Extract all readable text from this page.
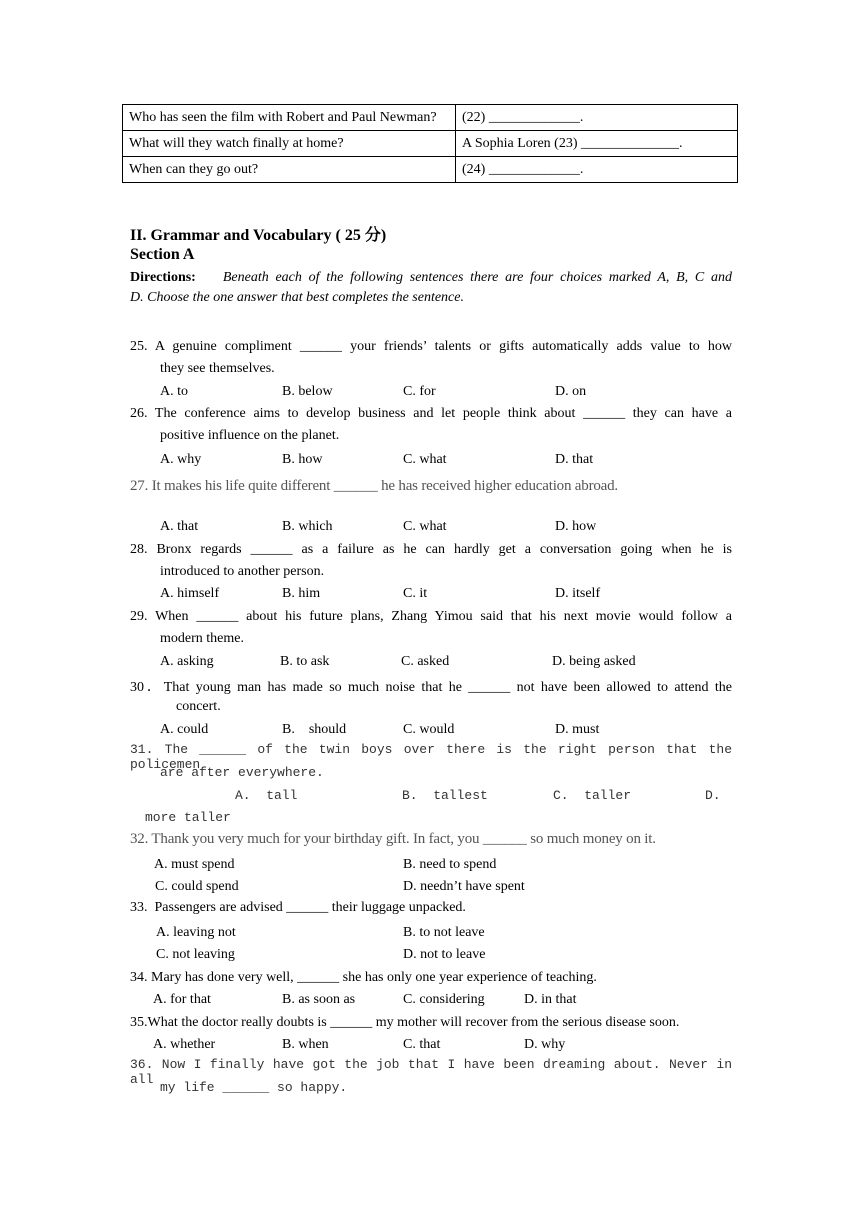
Who has seen the film with Robert and Paul Newman?	(22) _____________.
What will they watch finally at home?	A Sophia Loren (23) ______________.
When can they go out?	(24) _____________.
II. Grammar and Vocabulary ( 25 分)
Section A
Directions: Beneath each of the following sentences there are four choices marked A, B, C and
D. Choose the one answer that best completes the sentence.
25. A genuine compliment ______ your friends’ talents or gifts automatically adds value to how
they see themselves.
A. to	B. below	C. for	D. on
26. The conference aims to develop business and let people think about ______ they can have a
positive influence on the planet.
A. why	B. how	C. what	D. that
27. It makes his life quite different ______ he has received higher education abroad.
A. that	B. which	C. what	D. how
28. Bronx regards ______ as a failure as he can hardly get a conversation going when he is
introduced to another person.
A. himself	B. him	C. it	D. itself
29. When ______ about his future plans, Zhang Yimou said that his next movie would follow a
modern theme.
A. asking	B. to ask	C. asked	D. being asked
30．That young man has made so much noise that he ______ not have been allowed to attend the
concert.
A. could	B.    should	C. would	D. must
31. The ______ of the twin boys over there is the right person that the policemen
are after everywhere.
A.  tall	B.  tallest	C.  taller	D.
more taller
32. Thank you very much for your birthday gift. In fact, you ______ so much money on it.
A. must spend	B. need to spend
C. could spend	D. needn’t have spent
33.  Passengers are advised ______ their luggage unpacked.
A. leaving not	B. to not leave
C. not leaving	D. not to leave
34. Mary has done very well, ______ she has only one year experience of teaching.
A. for that	B. as soon as	C. considering	D. in that
35.What the doctor really doubts is ______ my mother will recover from the serious disease soon.
A. whether	B. when	C. that	D. why
36. Now I finally have got the job that I have been dreaming about. Never in all
my life ______ so happy.
